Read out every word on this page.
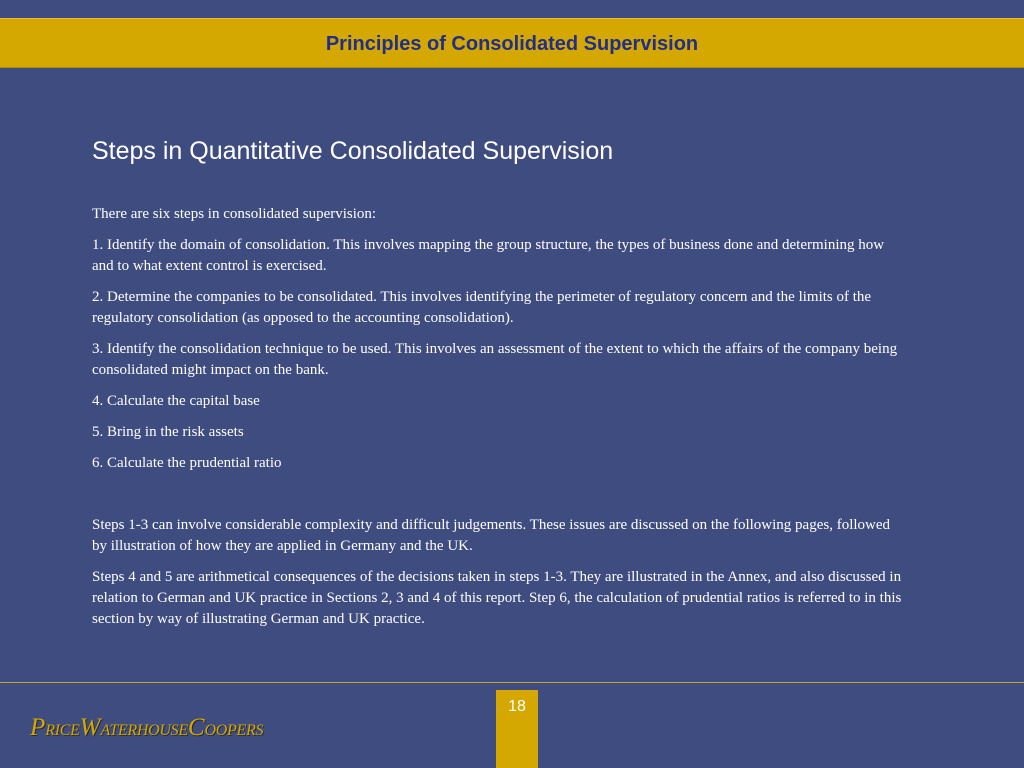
Principles of Consolidated Supervision
Steps in Quantitative Consolidated Supervision

There are six steps in consolidated supervision:

1. Identify the domain of consolidation. This involves mapping the group structure, the types of business done and determining how and to what extent control is exercised.

2. Determine the companies to be consolidated. This involves identifying the perimeter of regulatory concern and the limits of the regulatory consolidation (as opposed to the accounting consolidation).

3. Identify the consolidation technique to be used. This involves an assessment of the extent to which the affairs of the company being consolidated might impact on the bank.

4. Calculate the capital base

5. Bring in the risk assets

6. Calculate the prudential ratio

Steps 1-3 can involve considerable complexity and difficult judgements. These issues are discussed on the following pages, followed by illustration of how they are applied in Germany and the UK.

Steps 4 and 5 are arithmetical consequences of the decisions taken in steps 1-3. They are illustrated in the Annex, and also discussed in relation to German and UK practice in Sections 2, 3 and 4 of this report. Step 6, the calculation of prudential ratios is referred to in this section by way of illustrating German and UK practice.

18
PRICEWATERHOUSECOOPERS
